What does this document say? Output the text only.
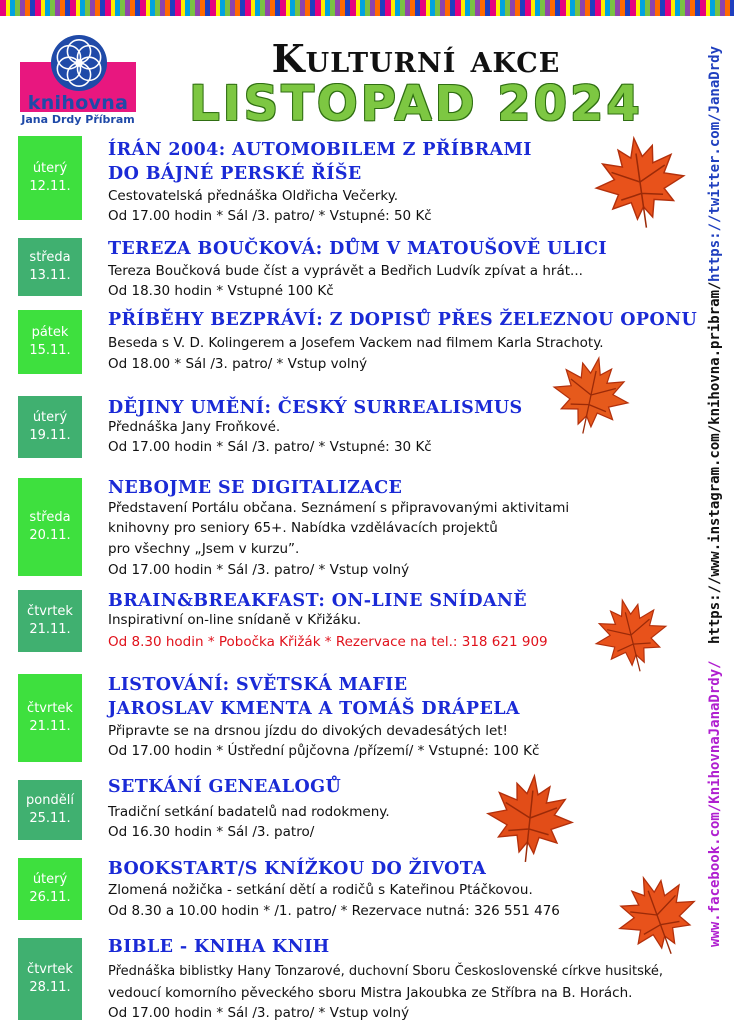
knihovna
Jana Drdy Příbram
Kulturní akce
LISTOPAD 2024	https://twitter.com/JanaDrdy
https://www.instagram.com/knihovna.pribram/
www.facebook.com/KnihovnaJanaDrdy/
úterý
12.11.
ÍRÁN 2004: AUTOMOBILEM Z PŘÍBRAMI
DO BÁJNÉ PERSKÉ ŘÍŠE
Cestovatelská přednáška Oldřicha Večerky.
Od 17.00 hodin * Sál /3. patro/ * Vstupné: 50 Kč
středa
13.11.
TEREZA BOUČKOVÁ: DŮM V MATOUŠOVĚ ULICI
Tereza Boučková bude číst a vyprávět a Bedřich Ludvík zpívat a hrát...
Od 18.30 hodin * Vstupné 100 Kč
pátek
15.11.
PŘÍBĚHY BEZPRÁVÍ: Z DOPISŮ PŘES ŽELEZNOU OPONU
Beseda s V. D. Kolingerem a Josefem Vackem nad filmem Karla Strachoty.
Od 18.00 * Sál /3. patro/ * Vstup volný
úterý
19.11.
DĚJINY UMĚNÍ: ČESKÝ SURREALISMUS
Přednáška Jany Froňkové.
Od 17.00 hodin * Sál /3. patro/ * Vstupné: 30 Kč
středa
20.11.
NEBOJME SE DIGITALIZACE
Představení Portálu občana. Seznámení s připravovanými aktivitami
knihovny pro seniory 65+. Nabídka vzdělávacích projektů
pro všechny „Jsem v kurzu”.
Od 17.00 hodin * Sál /3. patro/ * Vstup volný
čtvrtek
21.11.
BRAIN&BREAKFAST: ON-LINE SNÍDANĚ
Inspirativní on-line snídaně v Křižáku.
Od 8.30 hodin * Pobočka Křižák * Rezervace na tel.: 318 621 909
čtvrtek
21.11.
LISTOVÁNÍ: SVĚTSKÁ MAFIE
JAROSLAV KMENTA A TOMÁŠ DRÁPELA
Připravte se na drsnou jízdu do divokých devadesátých let!
Od 17.00 hodin * Ústřední půjčovna /přízemí/ * Vstupné: 100 Kč
pondělí
25.11.
SETKÁNÍ GENEALOGŮ
Tradiční setkání badatelů nad rodokmeny.
Od 16.30 hodin * Sál /3. patro/
úterý
26.11.
BOOKSTART/S KNÍŽKOU DO ŽIVOTA
Zlomená nožička - setkání dětí a rodičů s Kateřinou Ptáčkovou.
Od 8.30 a 10.00 hodin * /1. patro/ * Rezervace nutná: 326 551 476
čtvrtek
28.11.
BIBLE - KNIHA KNIH
Přednáška biblistky Hany Tonzarové, duchovní Sboru Československé církve husitské,
vedoucí komorního pěveckého sboru Mistra Jakoubka ze Stříbra na B. Horách.
Od 17.00 hodin * Sál /3. patro/ * Vstup volný
